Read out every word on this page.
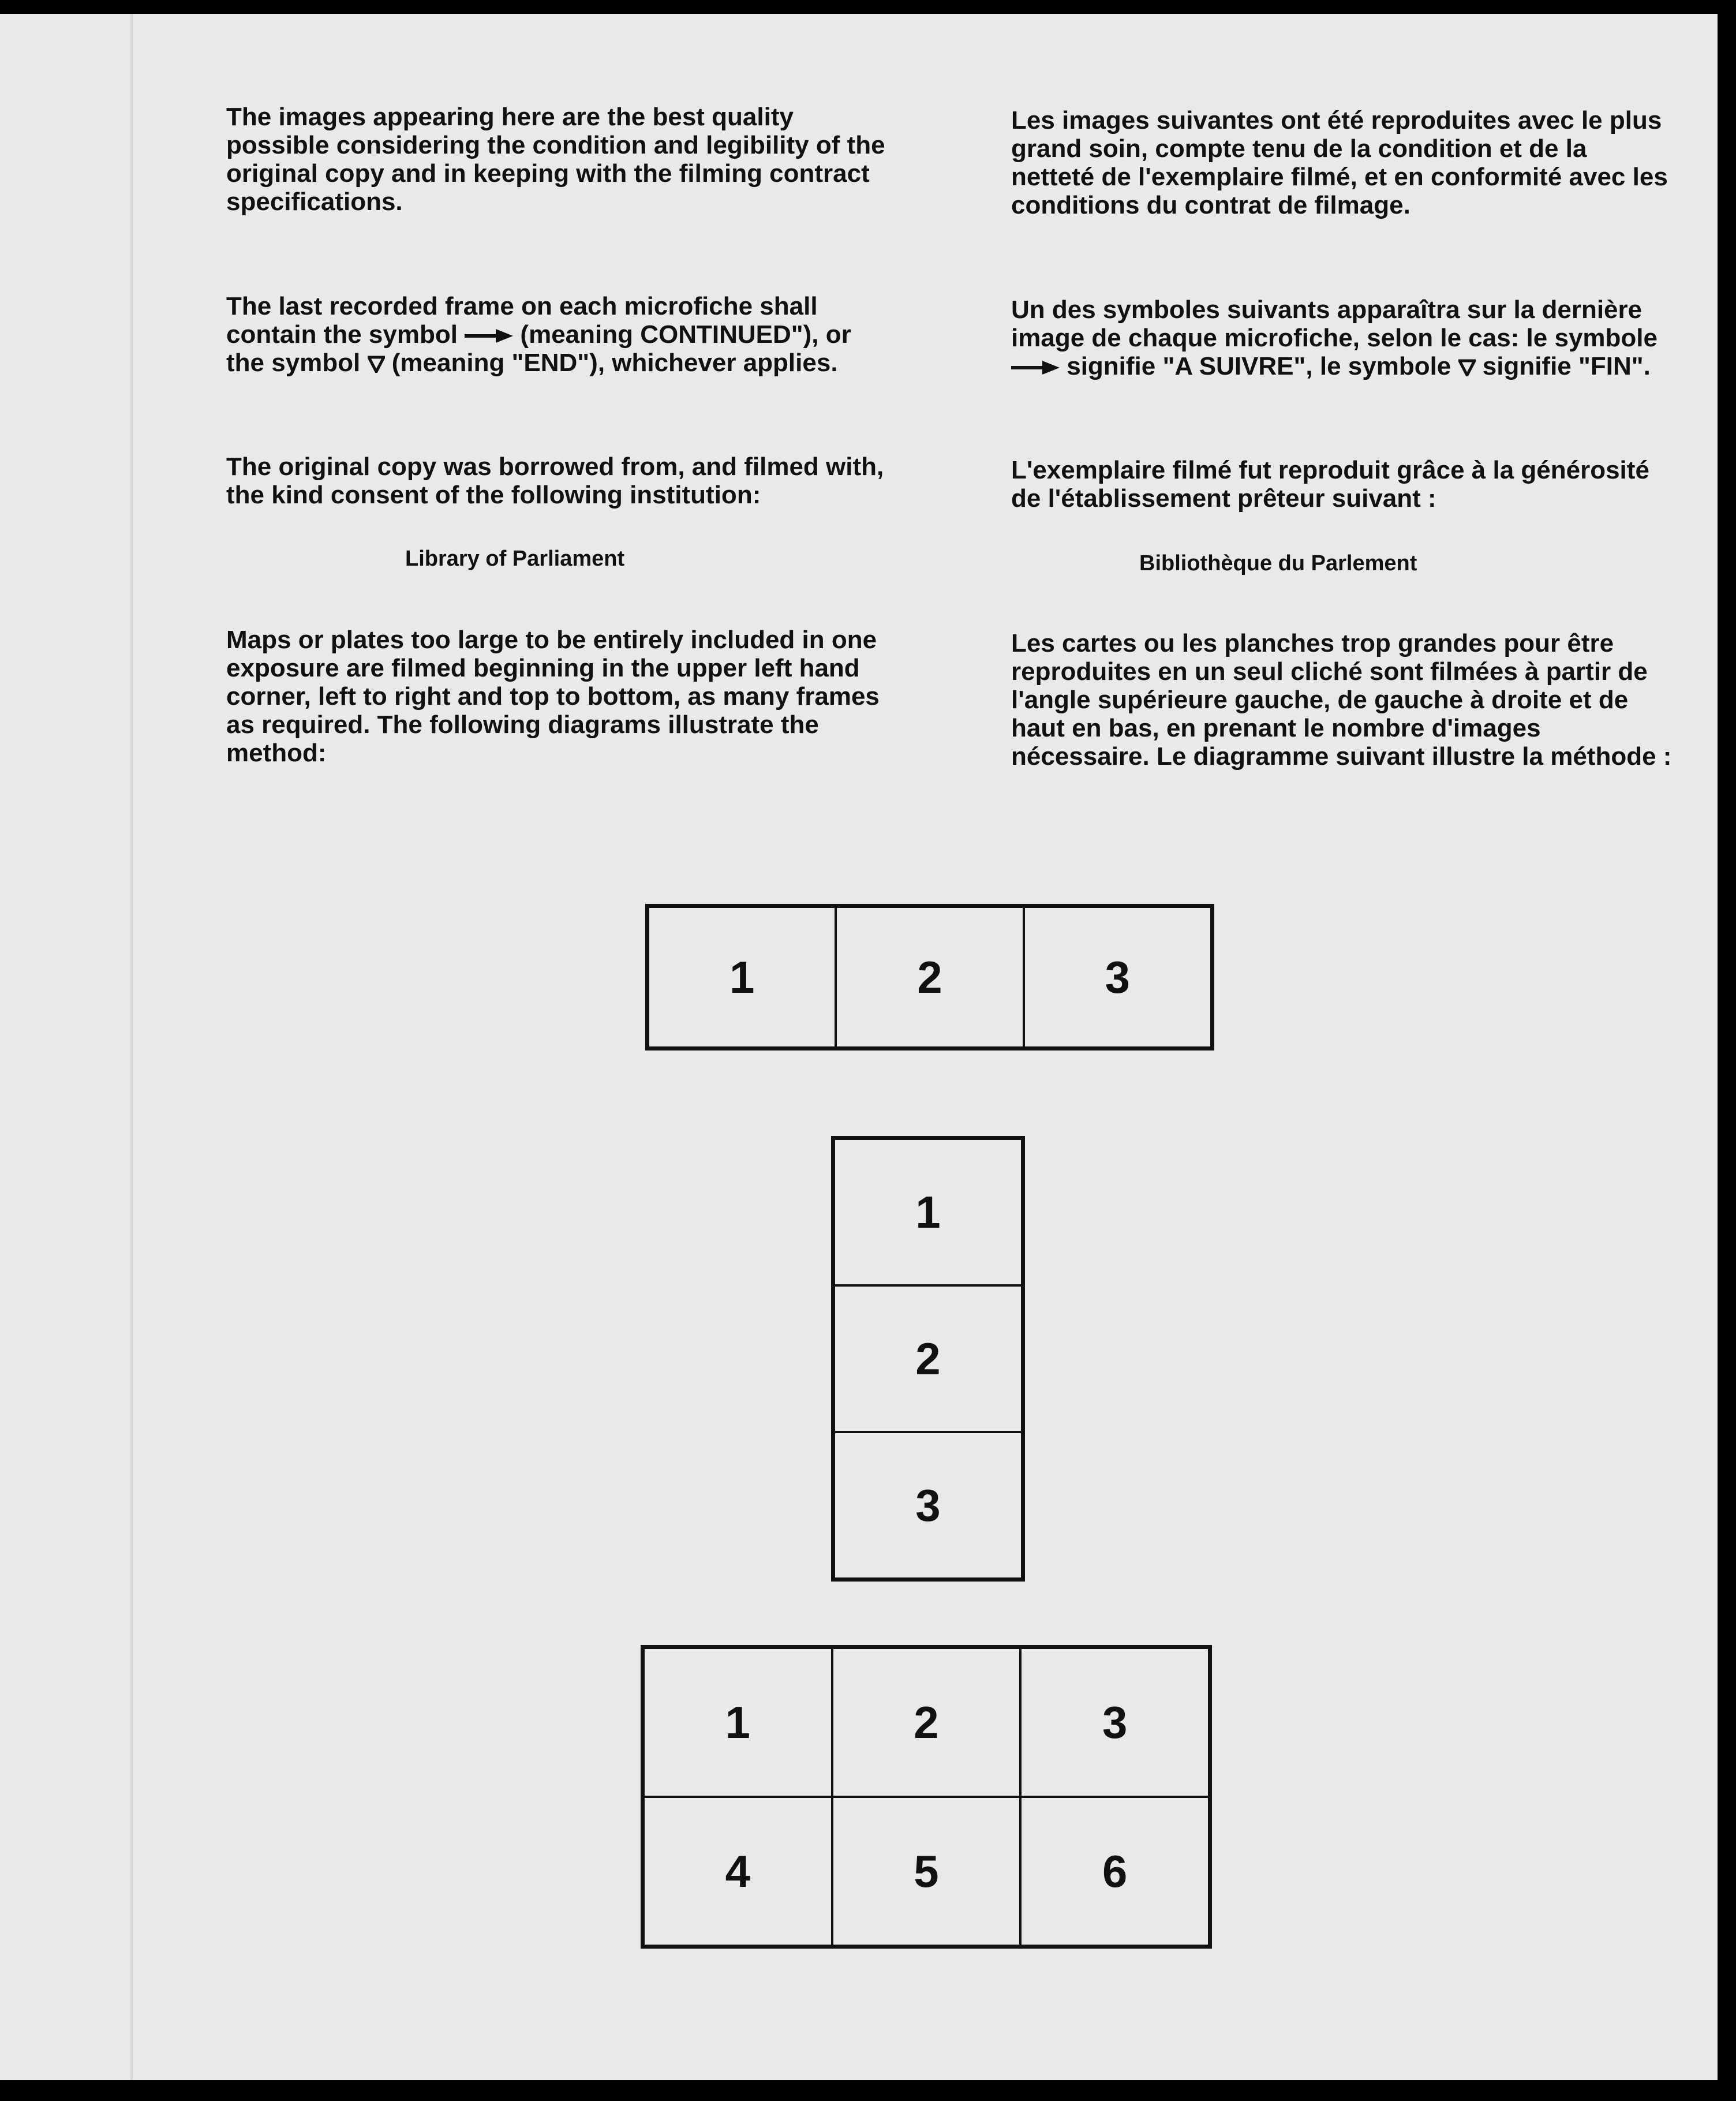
The images appearing here are the best quality possible considering the condition and legibility of the original copy and in keeping with the filming contract specifications.

The last recorded frame on each microfiche shall contain the symbol (meaning CONTINUED"), or the symbol (meaning "END"), whichever applies.

The original copy was borrowed from, and filmed with, the kind consent of the following institution:

Library of Parliament

Maps or plates too large to be entirely included in one exposure are filmed beginning in the upper left hand corner, left to right and top to bottom, as many frames as required. The following diagrams illustrate the method:

Les images suivantes ont été reproduites avec le plus grand soin, compte tenu de la condition et de la netteté de l'exemplaire filmé, et en conformité avec les conditions du contrat de filmage.

Un des symboles suivants apparaîtra sur la dernière image de chaque microfiche, selon le cas: le symbole  signifie "A SUIVRE", le symbole signifie "FIN".

L'exemplaire filmé fut reproduit grâce à la générosité de l'établissement prêteur suivant :

Bibliothèque du Parlement

Les cartes ou les planches trop grandes pour être reproduites en un seul cliché sont filmées à partir de l'angle supérieure gauche, de gauche à droite et de haut en bas, en prenant le nombre d'images nécessaire. Le diagramme suivant illustre la méthode :

1	2	3
1
2
3
1	2	3
4	5	6
